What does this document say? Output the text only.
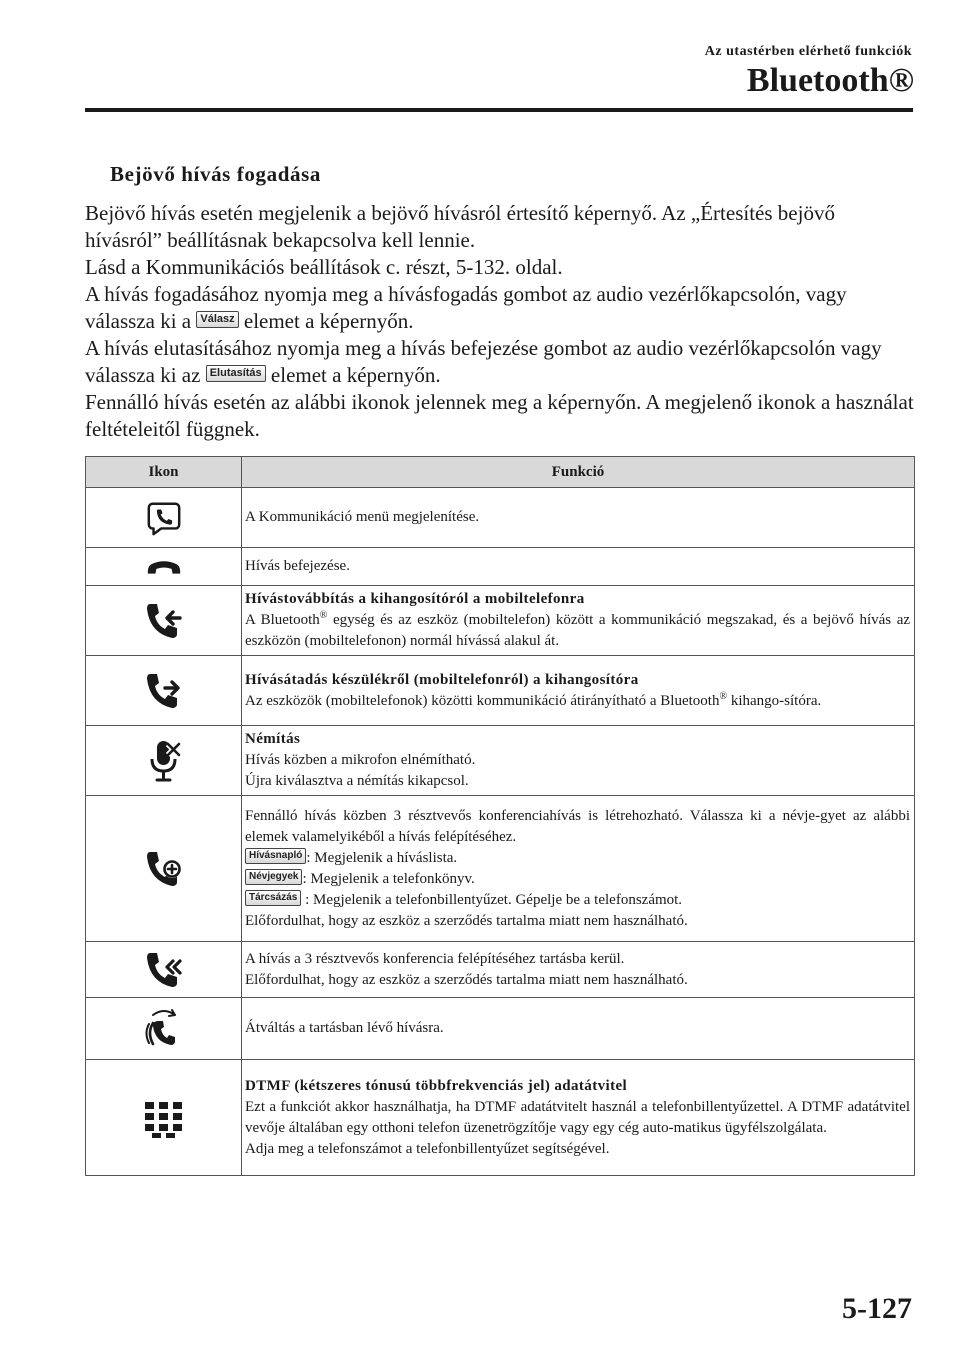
Az utastérben elérhető funkciók
Bluetooth®
Bejövő hívás fogadása

Bejövő hívás esetén megjelenik a bejövő hívásról értesítő képernyő. Az „Értesítés bejövő hívásról” beállításnak bekapcsolva kell lennie.

Lásd a Kommunikációs beállítások c. részt, 5-132. oldal.

A hívás fogadásához nyomja meg a hívásfogadás gombot az audio vezérlőkapcsolón, vagy válassza ki a Válasz elemet a képernyőn.

A hívás elutasításához nyomja meg a hívás befejezése gombot az audio vezérlőkapcsolón vagy válassza ki az Elutasítás elemet a képernyőn.

Fennálló hívás esetén az alábbi ikonok jelennek meg a képernyőn. A megjelenő ikonok a használat feltételeitől függnek.

Ikon	Funkció
	A Kommunikáció menü megjelenítése.
	Hívás befejezése.

Hívástovábbítás a kihangosítóról a mobiltelefonra
A Bluetooth® egység és az eszköz (mobiltelefon) között a kommunikáció megszakad, és a bejövő hívás az eszközön (mobiltelefonon) normál hívássá alakul át.

Hívásátadás készülékről (mobiltelefonról) a kihangosítóra
Az eszközök (mobiltelefonok) közötti kommunikáció átirányítható a Bluetooth® kihango-sítóra.

Némítás
Hívás közben a mikrofon elnémítható.
Újra kiválasztva a némítás kikapcsol.

Fennálló hívás közben 3 résztvevős konferenciahívás is létrehozható. Válassza ki a névje-gyet az alábbi elemek valamelyikéből a hívás felépítéséhez.
Hívásnapló : Megjelenik a híváslista.
Névjegyek : Megjelenik a telefonkönyv.
Tárcsázás : Megjelenik a telefonbillentyűzet. Gépelje be a telefonszámot.
Előfordulhat, hogy az eszköz a szerződés tartalma miatt nem használható.

A hívás a 3 résztvevős konferencia felépítéséhez tartásba kerül.
Előfordulhat, hogy az eszköz a szerződés tartalma miatt nem használható.

	Átváltás a tartásban lévő hívásra.

DTMF (kétszeres tónusú többfrekvenciás jel) adatátvitel
Ezt a funkciót akkor használhatja, ha DTMF adatátvitelt használ a telefonbillentyűzettel. A DTMF adatátvitel vevője általában egy otthoni telefon üzenetrögzítője vagy egy cég auto-matikus ügyfélszolgálata.
Adja meg a telefonszámot a telefonbillentyűzet segítségével.
5-127
